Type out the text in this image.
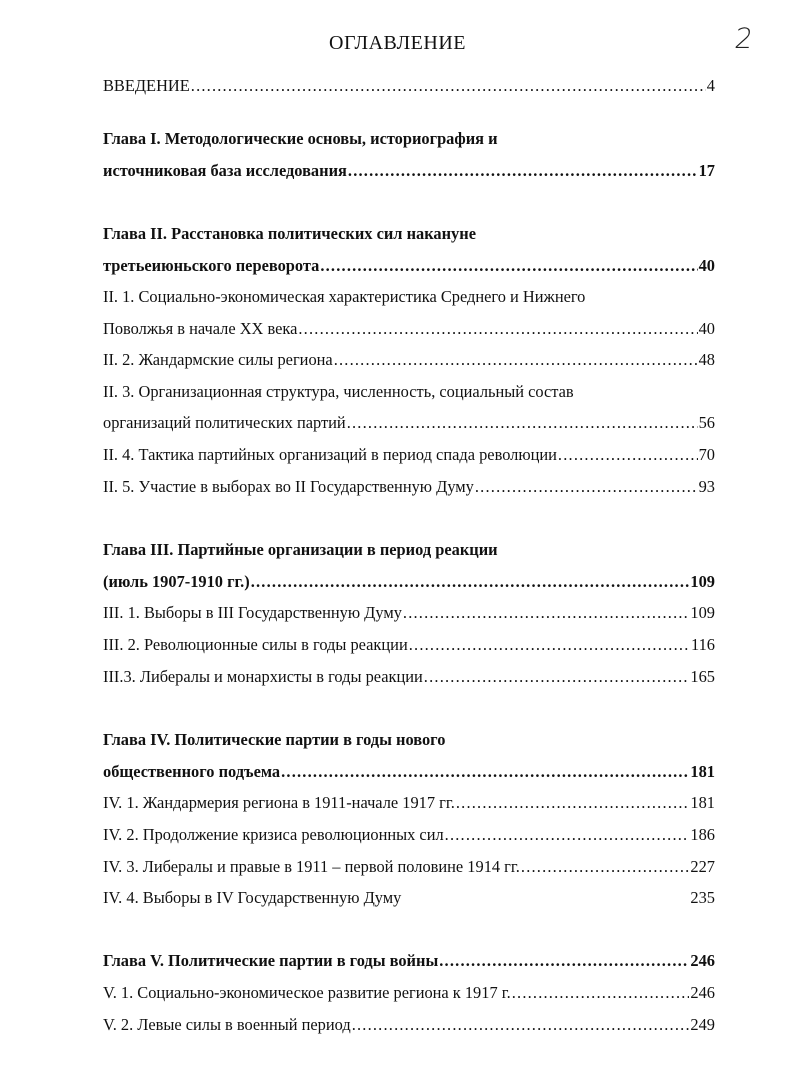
2
ОГЛАВЛЕНИЕ
ВВЕДЕНИЕ .....	4
Глава I. Методологические основы, историография и
источниковая база исследования .....	17
Глава II. Расстановка политических сил накануне
третьеиюньского переворота .....	40
II. 1. Социально-экономическая характеристика Среднего и Нижнего
Поволжья в начале XX века .....	40
II. 2. Жандармские силы региона .....	48
II. 3. Организационная структура, численность, социальный состав
организаций политических партий .....	56
II. 4. Тактика партийных организаций в период спада революции .....	70
II. 5. Участие в выборах во II Государственную Думу .....	93
Глава III. Партийные организации в период реакции
(июль 1907-1910 гг.) .....	109
III. 1. Выборы в III Государственную Думу .....	109
III. 2. Революционные силы в годы реакции .....	116
III.3. Либералы и монархисты в годы реакции .....	165
Глава IV. Политические партии в годы нового
общественного подъема .....	181
IV. 1. Жандармерия региона в 1911-начале 1917 гг. .....	181
IV. 2. Продолжение кризиса революционных сил .....	186
IV. 3. Либералы и правые в 1911 – первой половине 1914 гг. .....	227
IV. 4. Выборы в IV Государственную Думу	235
Глава V. Политические партии в годы войны .....	246
V. 1. Социально-экономическое развитие региона к 1917 г. .....	246
V. 2. Левые силы в военный период .....	249
